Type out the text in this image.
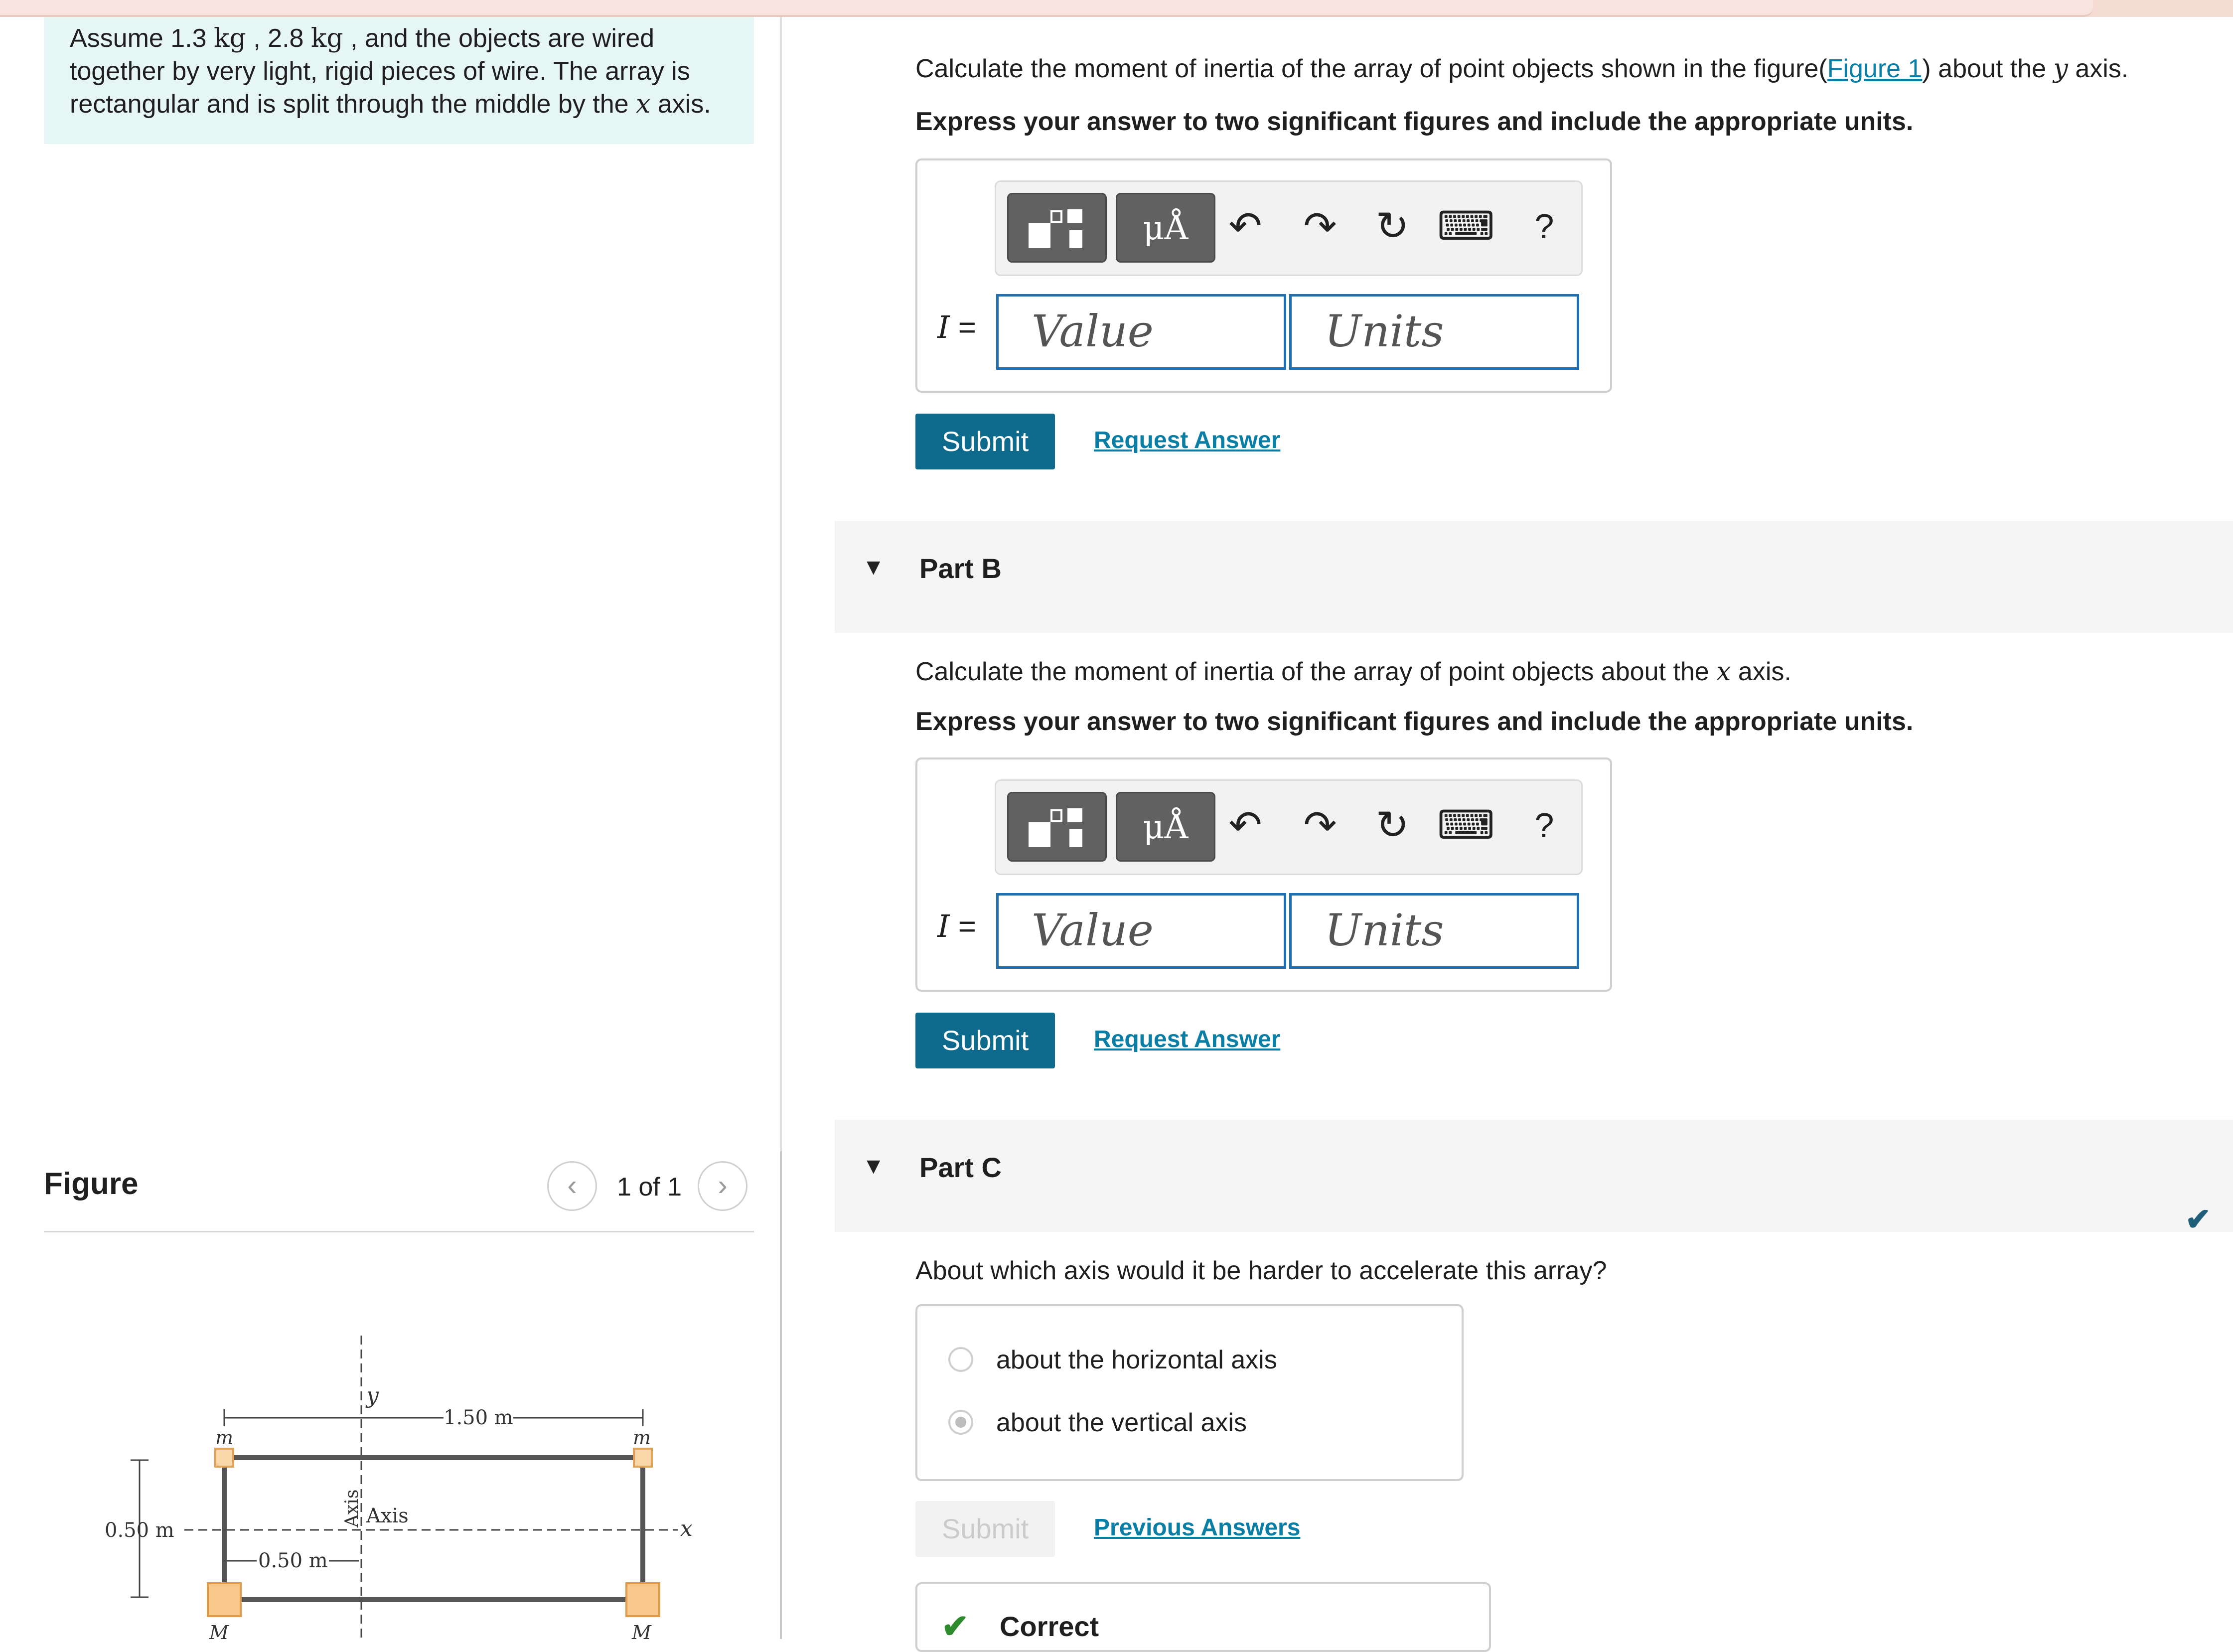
Assume 1.3 kg , 2.8 kg , and the objects are wired
together by very light, rigid pieces of wire. The array is
rectangular and is split through the middle by the x axis.
Figure	‹	1 of 1	›
y
x
1.50 m
m	m
M	M
0.50 m
0.50 m
Axis Axis
Calculate the moment of inertia of the array of point objects shown in the figure(Figure 1) about the y axis.
Express your answer to two significant figures and include the appropriate units.
μÅ	↶ ↷ ↻ ⌨	?
I =	Value	Units
Submit	Request Answer
▼ Part B
Calculate the moment of inertia of the array of point objects about the x axis.
Express your answer to two significant figures and include the appropriate units.
μÅ	↶ ↷ ↻ ⌨	?
I =	Value	Units
Submit	Request Answer
▼ Part C
✔
About which axis would it be harder to accelerate this array?
about the horizontal axis
about the vertical axis
Submit	Previous Answers
✔ Correct
